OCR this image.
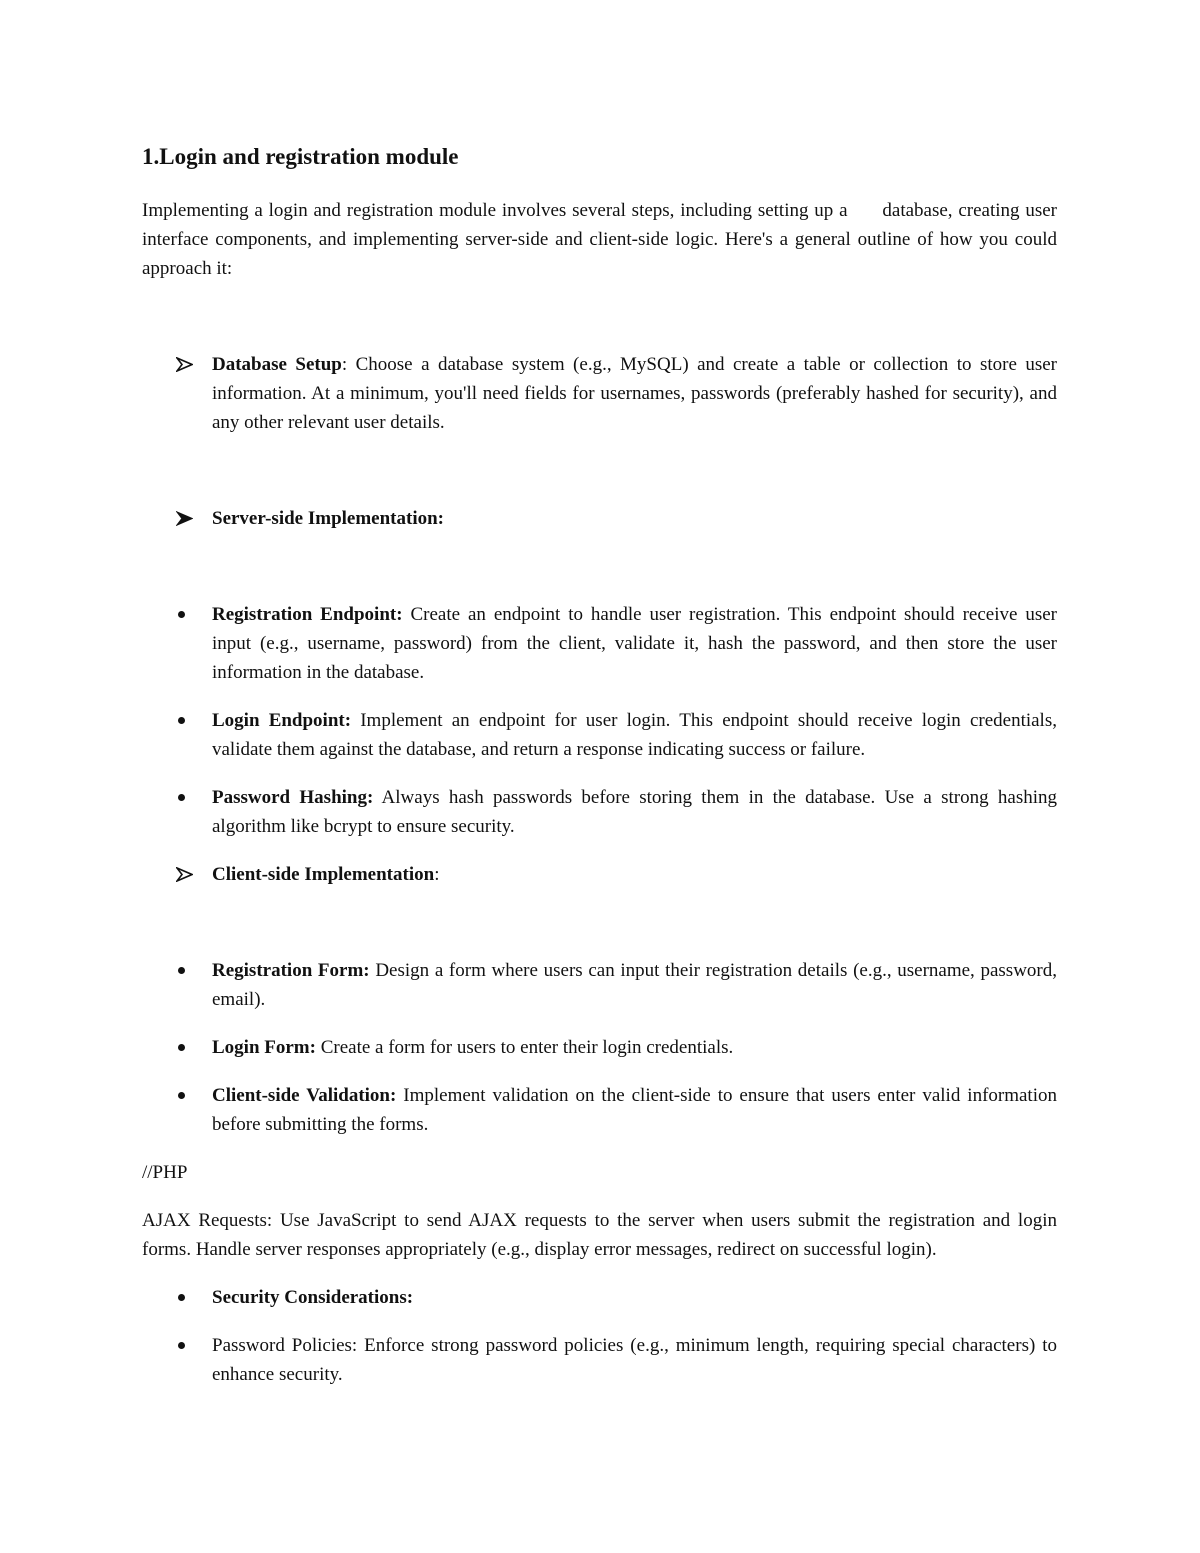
1.Login and registration module

Implementing a login and registration module involves several steps, including setting up a      database, creating user interface components, and implementing server-side and client-side logic. Here's a general outline of how you could approach it:

Database Setup: Choose a database system (e.g., MySQL) and create a table or collection to store user information. At a minimum, you'll need fields for usernames, passwords (preferably hashed for security), and any other relevant user details.
Server-side Implementation:
Registration Endpoint: Create an endpoint to handle user registration. This endpoint should receive user input (e.g., username, password) from the client, validate it, hash the password, and then store the user information in the database.
Login Endpoint: Implement an endpoint for user login. This endpoint should receive login credentials, validate them against the database, and return a response indicating success or failure.
Password Hashing: Always hash passwords before storing them in the database. Use a strong hashing algorithm like bcrypt to ensure security.
Client-side Implementation:
Registration Form: Design a form where users can input their registration details (e.g., username, password, email).
Login Form: Create a form for users to enter their login credentials.
Client-side Validation: Implement validation on the client-side to ensure that users enter valid information before submitting the forms.

//PHP

AJAX Requests: Use JavaScript to send AJAX requests to the server when users submit the registration and login forms. Handle server responses appropriately (e.g., display error messages, redirect on successful login).

Security Considerations:
Password Policies: Enforce strong password policies (e.g., minimum length, requiring special characters) to enhance security.
